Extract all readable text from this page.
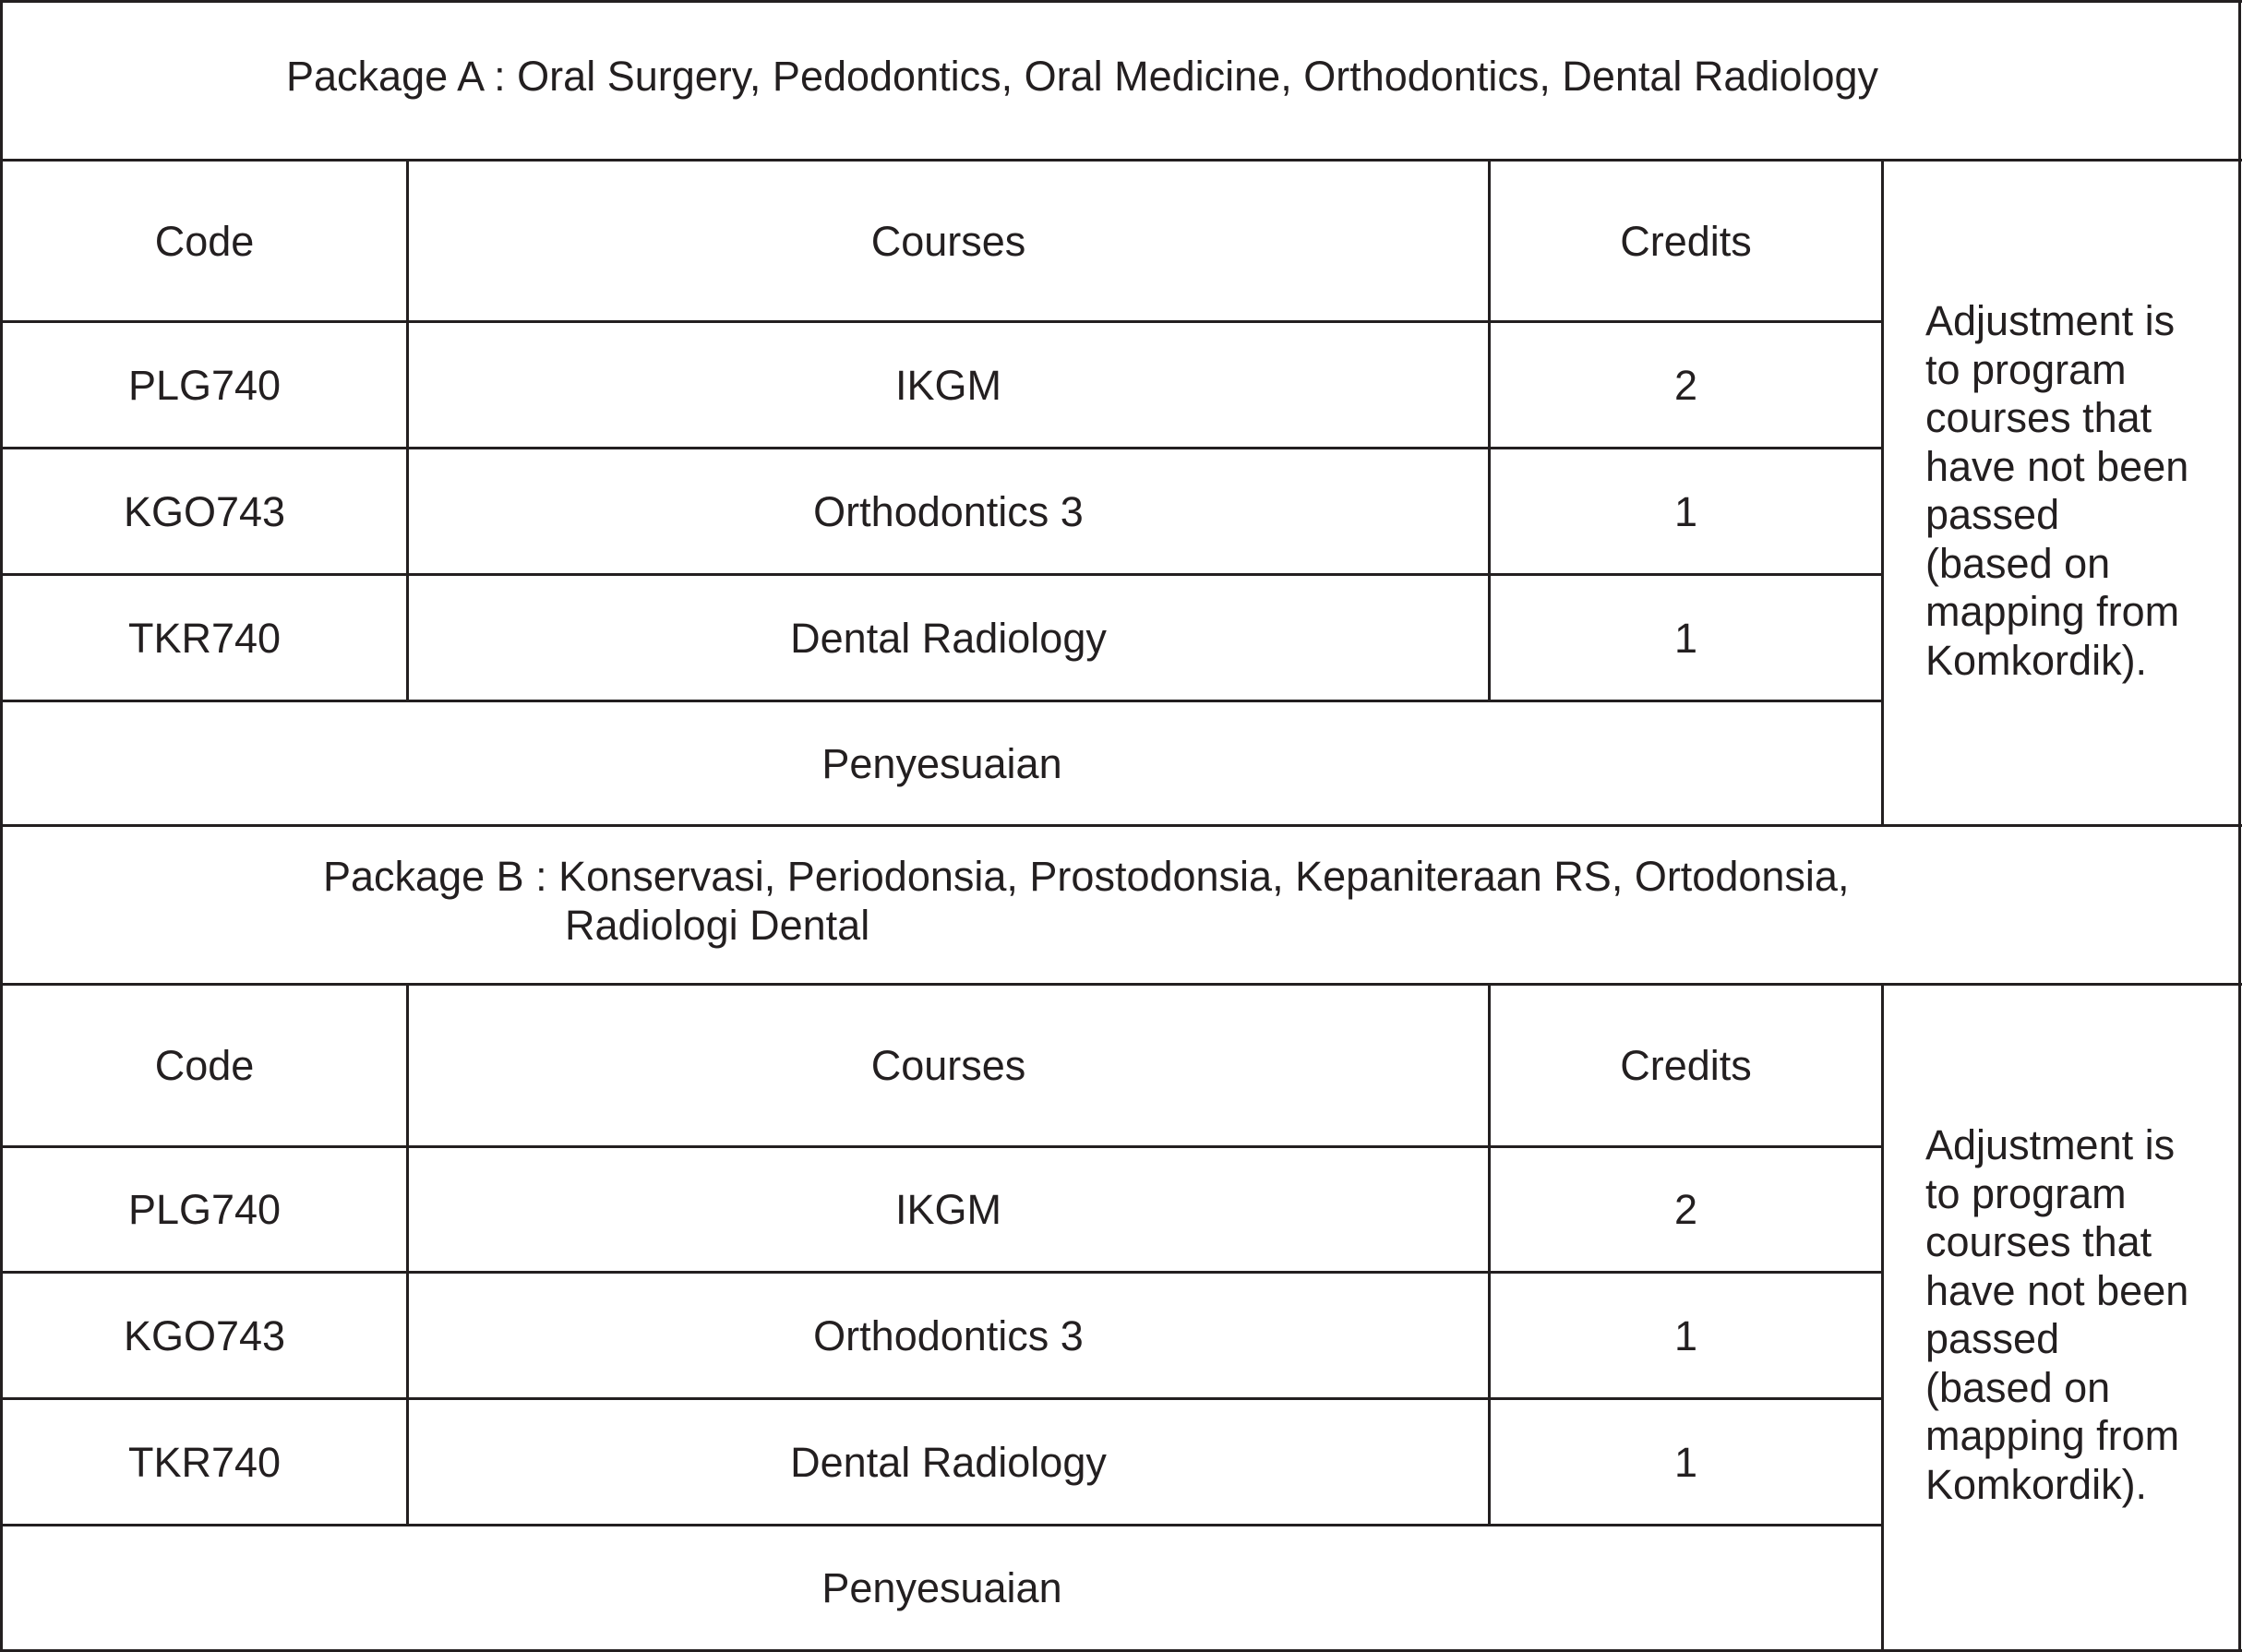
Package A : Oral Surgery, Pedodontics, Oral Medicine, Orthodontics, Dental Radiology
Code	Courses	Credits
PLG740	IKGM	2
KGO743	Orthodontics 3	1
TKR740	Dental Radiology	1
Penyesuaian
Adjustment is
to program
courses that
have not been
passed
(based on
mapping from
Komkordik).
Package B : Konservasi, Periodonsia, Prostodonsia, Kepaniteraan RS, Ortodonsia,
Radiologi Dental
Code	Courses	Credits
PLG740	IKGM	2
KGO743	Orthodontics 3	1
TKR740	Dental Radiology	1
Penyesuaian
Adjustment is
to program
courses that
have not been
passed
(based on
mapping from
Komkordik).
